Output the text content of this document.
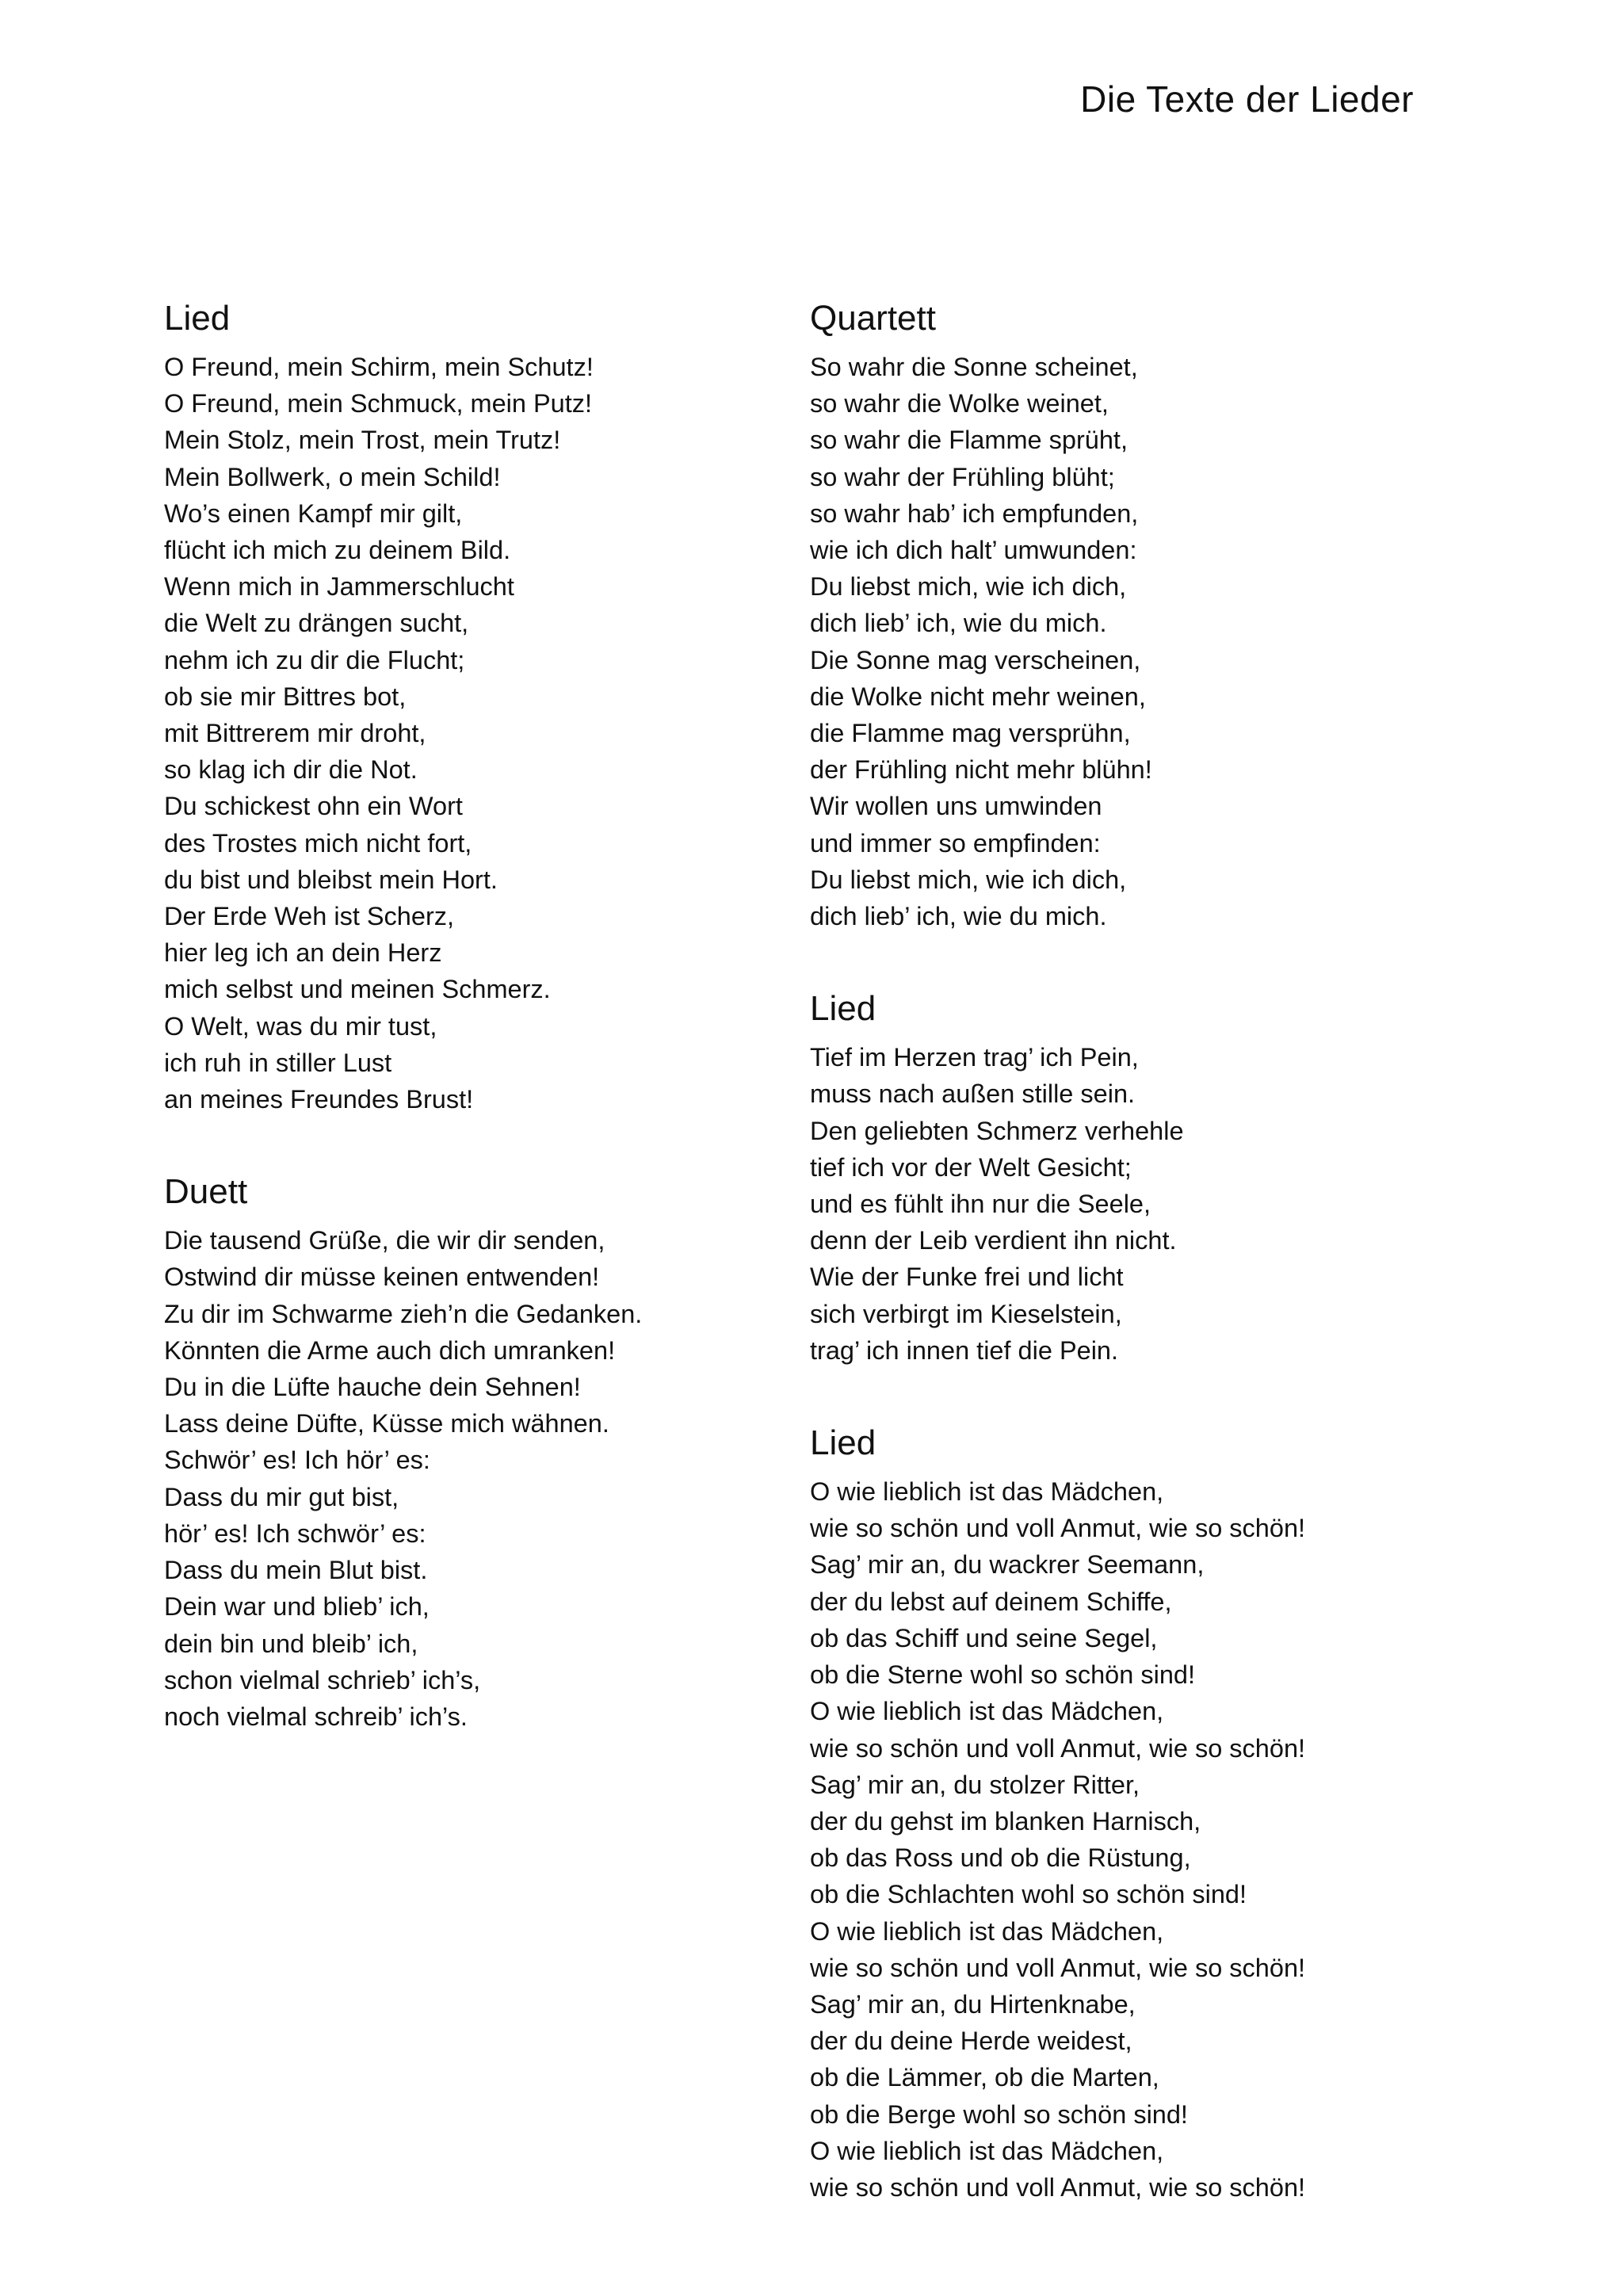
Die Texte der Lieder
Lied
O Freund, mein Schirm, mein Schutz!
O Freund, mein Schmuck, mein Putz!
Mein Stolz, mein Trost, mein Trutz!
Mein Bollwerk, o mein Schild!
Wo’s einen Kampf mir gilt,
flücht ich mich zu deinem Bild.
Wenn mich in Jammerschlucht
die Welt zu drängen sucht,
nehm ich zu dir die Flucht;
ob sie mir Bittres bot,
mit Bittrerem mir droht,
so klag ich dir die Not.
Du schickest ohn ein Wort
des Trostes mich nicht fort,
du bist und bleibst mein Hort.
Der Erde Weh ist Scherz,
hier leg ich an dein Herz
mich selbst und meinen Schmerz.
O Welt, was du mir tust,
ich ruh in stiller Lust
an meines Freundes Brust!
Duett
Die tausend Grüße, die wir dir senden,
Ostwind dir müsse keinen entwenden!
Zu dir im Schwarme zieh’n die Gedanken.
Könnten die Arme auch dich umranken!
Du in die Lüfte hauche dein Sehnen!
Lass deine Düfte, Küsse mich wähnen.
Schwör’ es! Ich hör’ es:
Dass du mir gut bist,
hör’ es! Ich schwör’ es:
Dass du mein Blut bist.
Dein war und blieb’ ich,
dein bin und bleib’ ich,
schon vielmal schrieb’ ich’s,
noch vielmal schreib’ ich’s.
Quartett
So wahr die Sonne scheinet,
so wahr die Wolke weinet,
so wahr die Flamme sprüht,
so wahr der Frühling blüht;
so wahr hab’ ich empfunden,
wie ich dich halt’ umwunden:
Du liebst mich, wie ich dich,
dich lieb’ ich, wie du mich.
Die Sonne mag verscheinen,
die Wolke nicht mehr weinen,
die Flamme mag versprühn,
der Frühling nicht mehr blühn!
Wir wollen uns umwinden
und immer so empfinden:
Du liebst mich, wie ich dich,
dich lieb’ ich, wie du mich.
Lied
Tief im Herzen trag’ ich Pein,
muss nach außen stille sein.
Den geliebten Schmerz verhehle
tief ich vor der Welt Gesicht;
und es fühlt ihn nur die Seele,
denn der Leib verdient ihn nicht.
Wie der Funke frei und licht
sich verbirgt im Kieselstein,
trag’ ich innen tief die Pein.
Lied
O wie lieblich ist das Mädchen,
wie so schön und voll Anmut, wie so schön!
Sag’ mir an, du wackrer Seemann,
der du lebst auf deinem Schiffe,
ob das Schiff und seine Segel,
ob die Sterne wohl so schön sind!
O wie lieblich ist das Mädchen,
wie so schön und voll Anmut, wie so schön!
Sag’ mir an, du stolzer Ritter,
der du gehst im blanken Harnisch,
ob das Ross und ob die Rüstung,
ob die Schlachten wohl so schön sind!
O wie lieblich ist das Mädchen,
wie so schön und voll Anmut, wie so schön!
Sag’ mir an, du Hirtenknabe,
der du deine Herde weidest,
ob die Lämmer, ob die Marten,
ob die Berge wohl so schön sind!
O wie lieblich ist das Mädchen,
wie so schön und voll Anmut, wie so schön!
